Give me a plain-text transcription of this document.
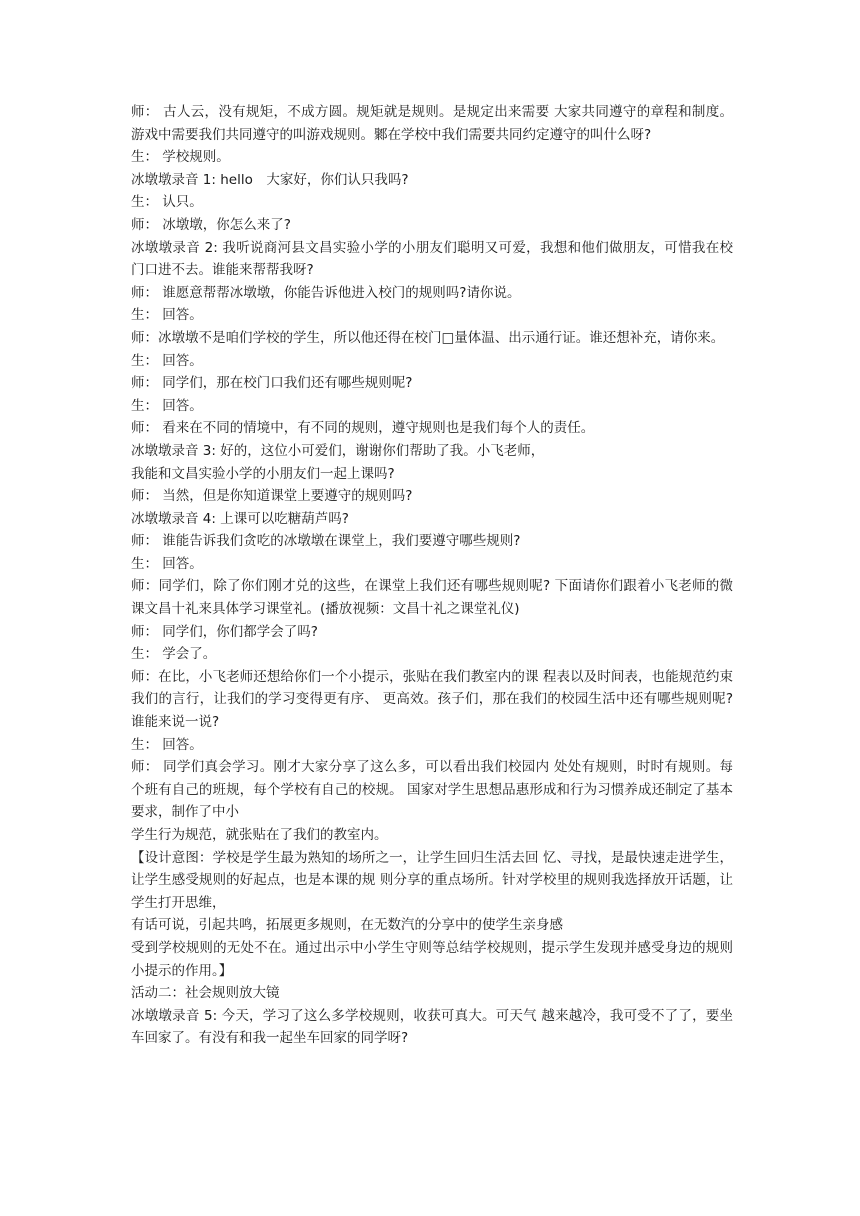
师： 古人云，没有规矩，不成方圆。规矩就是规则。是规定出来需要 大家共同遵守的章程和制度。游戏中需要我们共同遵守的叫游戏规则。鄹在学校中我们需要共同约定遵守的叫什么呀?

生： 学校规则。

冰墩墩录音 1: hello　大家好，你们认只我吗?

生： 认只。

师： 冰墩墩，你怎么来了?

冰墩墩录音 2: 我听说商河县文昌实验小学的小朋友们聪明又可爱，我想和他们做朋友，可惜我在校门口进不去。谁能来帮帮我呀?

师： 谁愿意帮帮冰墩墩，你能告诉他进入校门的规则吗?请你说。

生： 回答。

师：冰墩墩不是咱们学校的学生，所以他还得在校门□量体温、出示通行证。谁还想补充，请你来。

生： 回答。

师： 同学们，那在校门口我们还有哪些规则呢?

生： 回答。

师： 看来在不同的情境中，有不同的规则，遵守规则也是我们每个人的责任。

冰墩墩录音 3: 好的，这位小可爱们，谢谢你们帮助了我。小飞老师，

我能和文昌实验小学的小朋友们一起上课吗?

师： 当然，但是你知道课堂上要遵守的规则吗?

冰墩墩录音 4: 上课可以吃糖葫芦吗?

师： 谁能告诉我们贪吃的冰墩墩在课堂上，我们要遵守哪些规则?

生： 回答。

师：同学们，除了你们刚才兑的这些，在课堂上我们还有哪些规则呢? 下面请你们跟着小飞老师的微课文昌十礼来具体学习课堂礼。(播放视频：文昌十礼之课堂礼仪)

师： 同学们，你们都学会了吗?

生： 学会了。

师：在比，小飞老师还想给你们一个小提示，张贴在我们教室内的课 程表以及时间表，也能规范约束我们的言行，让我们的学习变得更有序、 更高效。孩子们，那在我们的校园生活中还有哪些规则呢?谁能来说一说?

生： 回答。

师： 同学们真会学习。刚才大家分享了这么多，可以看出我们校园内 处处有规则，时时有规则。每个班有自己的班规，每个学校有自己的校规。 国家对学生思想品惠形成和行为习惯养成还制定了基本要求，制作了中小

学生行为规范，就张贴在了我们的教室内。

【设计意图：学校是学生最为熟知的场所之一，让学生回归生活去回 忆、寻找，是最快速走进学生，让学生感受规则的好起点，也是本课的规 则分享的重点场所。针对学校里的规则我选择放开话题，让学生打开思维，

有话可说，引起共鸣，拓展更多规则，在无数汽的分享中的使学生亲身感

受到学校规则的无处不在。通过出示中小学生守则等总结学校规则，提示学生发现并感受身边的规则小提示的作用。】

活动二：社会规则放大镜

冰墩墩录音 5: 今天，学习了这么多学校规则，收获可真大。可天气 越来越冷，我可受不了了，要坐车回家了。有没有和我一起坐车回家的同学呀?
